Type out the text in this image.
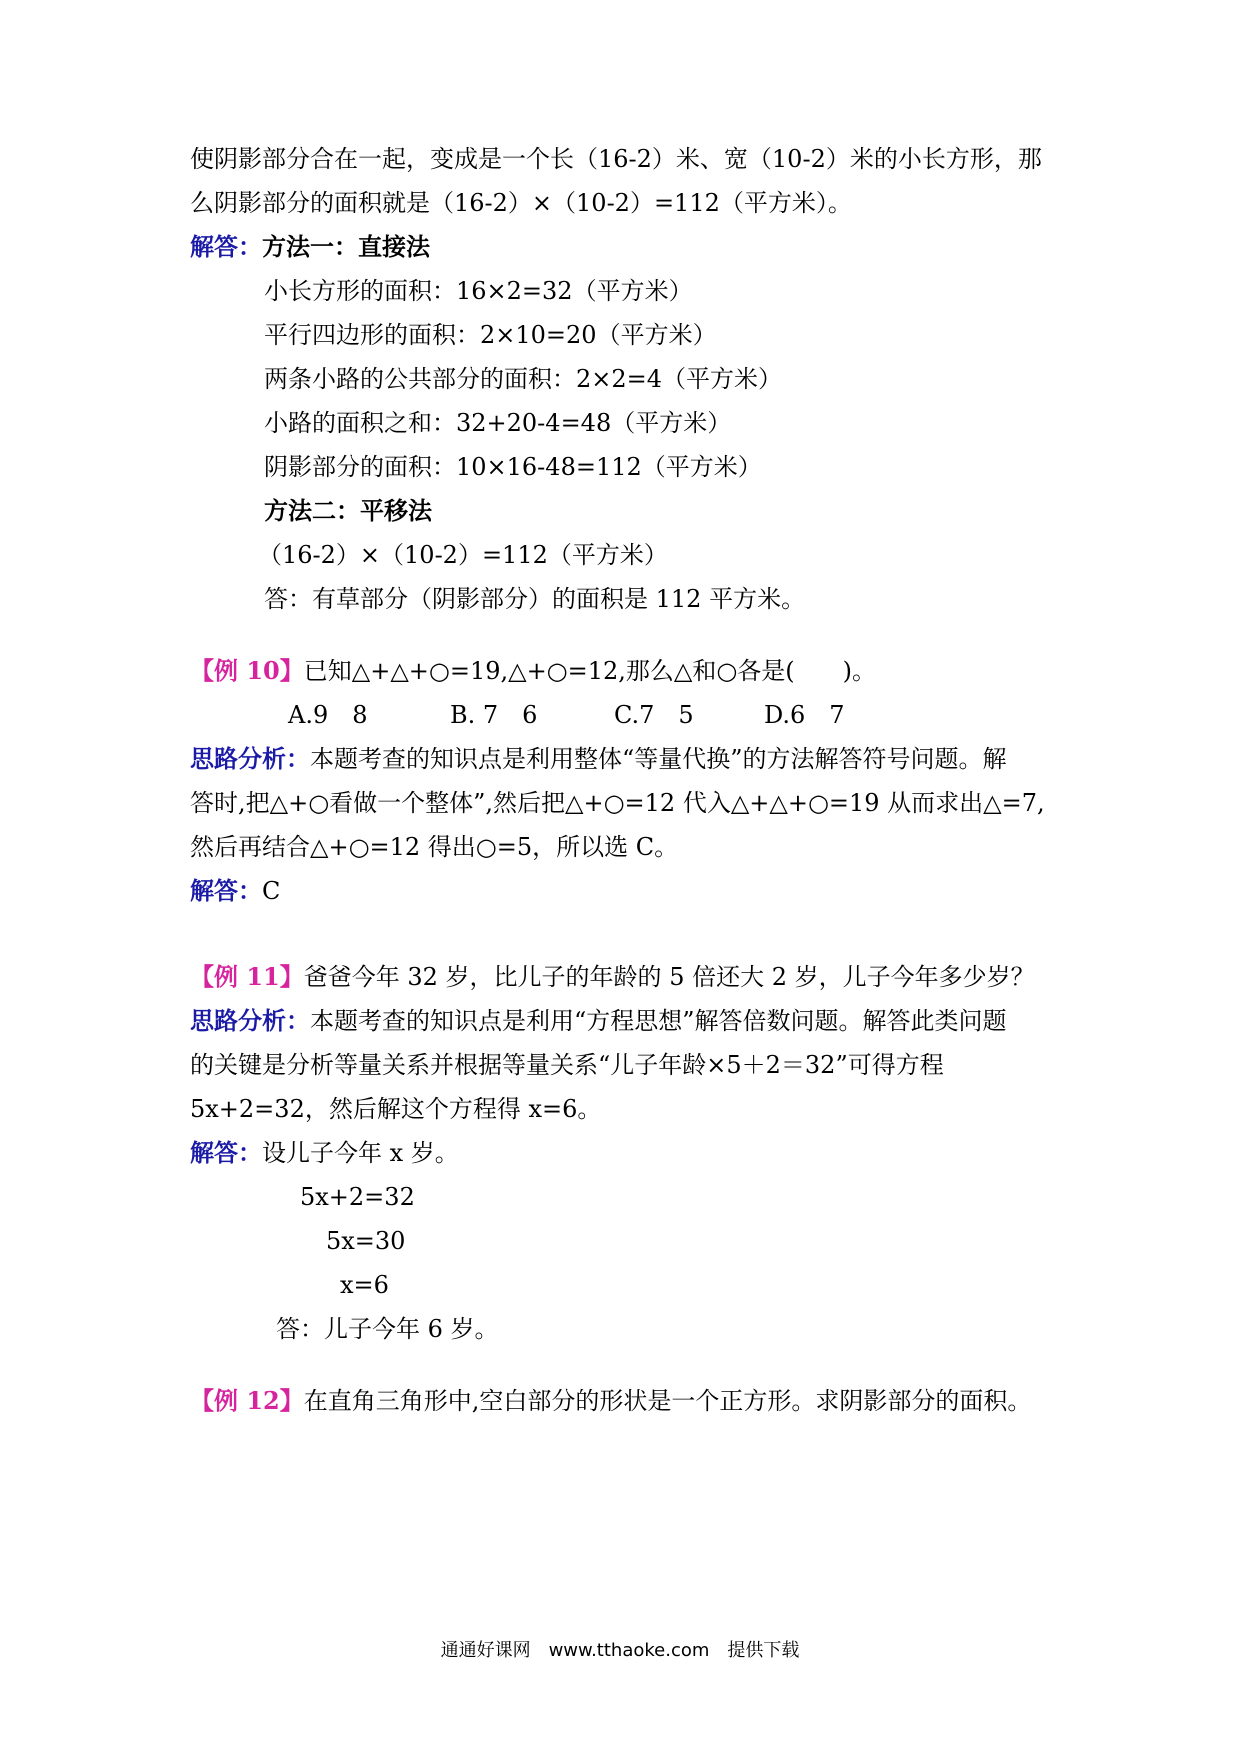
使阴影部分合在一起，变成是一个长（16-2）米、宽（10-2）米的小长方形，那
么阴影部分的面积就是（16-2）×（10-2）=112（平方米）。
解答：方法一：直接法
小长方形的面积：16×2=32（平方米）
平行四边形的面积：2×10=20（平方米）
两条小路的公共部分的面积：2×2=4（平方米）
小路的面积之和：32+20-4=48（平方米）
阴影部分的面积：10×16-48=112（平方米）
方法二：平移法
（16-2）×（10-2）=112（平方米）
答：有草部分（阴影部分）的面积是 112 平方米。
【例 10】已知△+△+○=19,△+○=12,那么△和○各是(　　)。
A.9　8	B. 7　6	C.7　5	D.6　7
思路分析：本题考查的知识点是利用整体“等量代换”的方法解答符号问题。解
答时,把△+○看做一个整体”,然后把△+○=12 代入△+△+○=19 从而求出△=7,
然后再结合△+○=12 得出○=5，所以选 C。
解答：C
【例 11】爸爸今年 32 岁，比儿子的年龄的 5 倍还大 2 岁，儿子今年多少岁？
思路分析：本题考查的知识点是利用“方程思想”解答倍数问题。解答此类问题
的关键是分析等量关系并根据等量关系“儿子年龄×5＋2＝32”可得方程
5x+2=32，然后解这个方程得 x=6。
解答：设儿子今年 x 岁。
5x+2=32
5x=30
x=6
答：儿子今年 6 岁。
【例 12】在直角三角形中,空白部分的形状是一个正方形。求阴影部分的面积。
通通好课网　www.tthaoke.com　提供下载
